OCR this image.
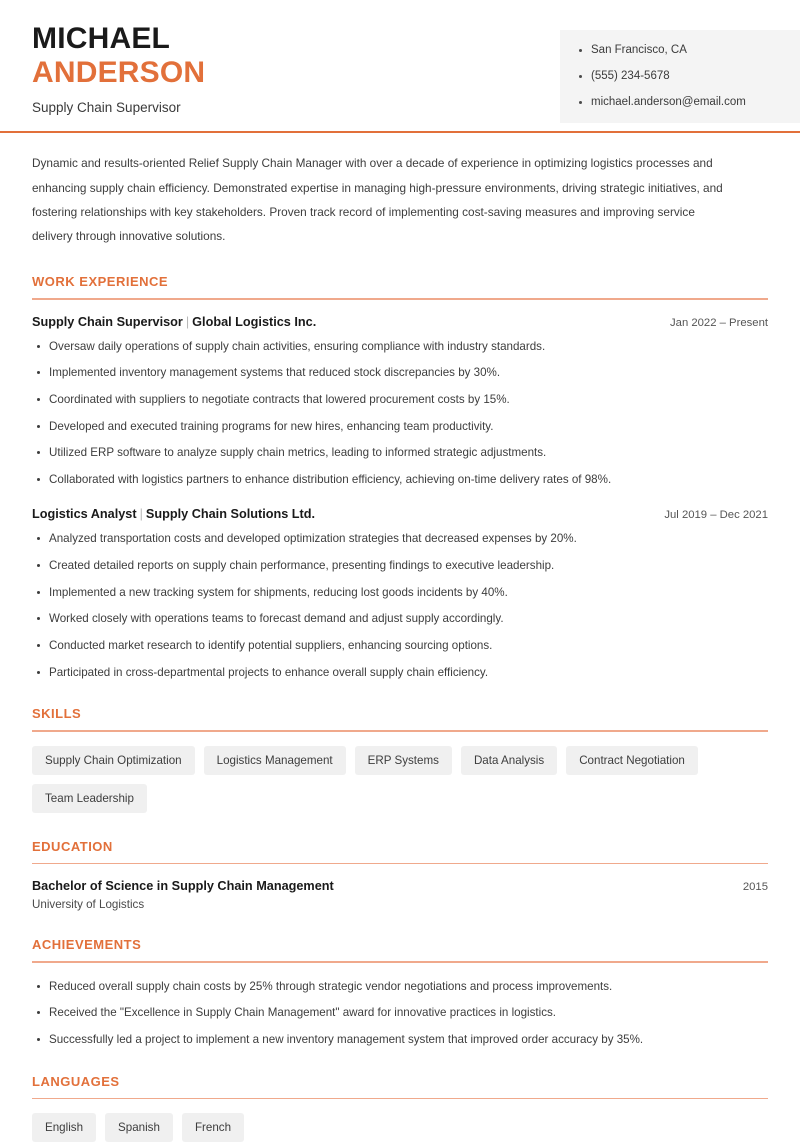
MICHAEL
ANDERSON
Supply Chain Supervisor
San Francisco, CA
(555) 234-5678
michael.anderson@email.com

Dynamic and results-oriented Relief Supply Chain Manager with over a decade of experience in optimizing logistics processes and enhancing supply chain efficiency. Demonstrated expertise in managing high-pressure environments, driving strategic initiatives, and fostering relationships with key stakeholders. Proven track record of implementing cost-saving measures and improving service delivery through innovative solutions.

WORK EXPERIENCE
Supply Chain Supervisor | Global Logistics Inc.	Jan 2022 – Present
Oversaw daily operations of supply chain activities, ensuring compliance with industry standards.
Implemented inventory management systems that reduced stock discrepancies by 30%.
Coordinated with suppliers to negotiate contracts that lowered procurement costs by 15%.
Developed and executed training programs for new hires, enhancing team productivity.
Utilized ERP software to analyze supply chain metrics, leading to informed strategic adjustments.
Collaborated with logistics partners to enhance distribution efficiency, achieving on-time delivery rates of 98%.
Logistics Analyst | Supply Chain Solutions Ltd.	Jul 2019 – Dec 2021
Analyzed transportation costs and developed optimization strategies that decreased expenses by 20%.
Created detailed reports on supply chain performance, presenting findings to executive leadership.
Implemented a new tracking system for shipments, reducing lost goods incidents by 40%.
Worked closely with operations teams to forecast demand and adjust supply accordingly.
Conducted market research to identify potential suppliers, enhancing sourcing options.
Participated in cross-departmental projects to enhance overall supply chain efficiency.
SKILLS
Supply Chain Optimization	Logistics Management	ERP Systems	Data Analysis	Contract Negotiation
Team Leadership
EDUCATION
Bachelor of Science in Supply Chain Management	2015
University of Logistics
ACHIEVEMENTS
Reduced overall supply chain costs by 25% through strategic vendor negotiations and process improvements.
Received the "Excellence in Supply Chain Management" award for innovative practices in logistics.
Successfully led a project to implement a new inventory management system that improved order accuracy by 35%.
LANGUAGES
English	Spanish	French
